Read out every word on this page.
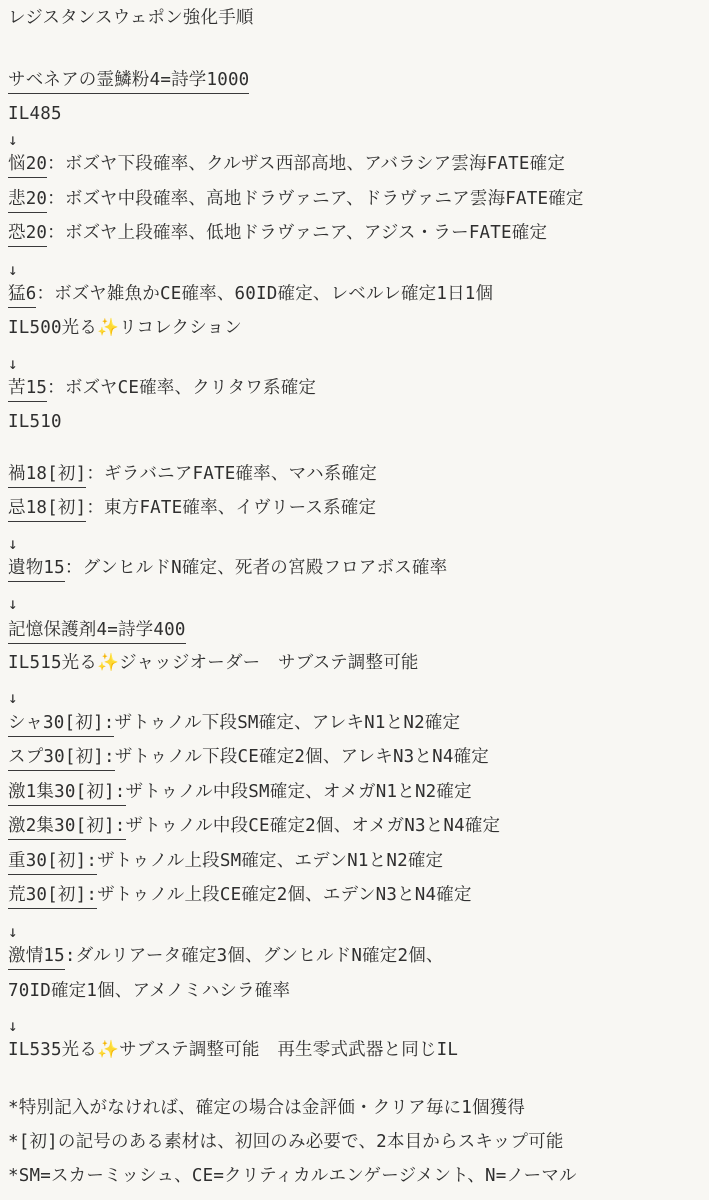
レジスタンスウェポン強化手順
サベネアの霊鱗粉4=詩学1000
IL485
↓
悩20：ボズヤ下段確率、クルザス西部高地、アバラシア雲海FATE確定
悲20：ボズヤ中段確率、高地ドラヴァニア、ドラヴァニア雲海FATE確定
恐20：ボズヤ上段確率、低地ドラヴァニア、アジス・ラーFATE確定
↓
猛6：ボズヤ雑魚かCE確率、60ID確定、レベルレ確定1日1個
IL500光る✨リコレクション
↓
苦15：ボズヤCE確率、クリタワ系確定
IL510
禍18[初]：ギラバニアFATE確率、マハ系確定
忌18[初]：東方FATE確率、イヴリース系確定
↓
遺物15：グンヒルドN確定、死者の宮殿フロアボス確率
↓
記憶保護剤4=詩学400
IL515光る✨ジャッジオーダー　サブステ調整可能
↓
シャ30[初]:ザトゥノル下段SM確定、アレキN1とN2確定
スプ30[初]:ザトゥノル下段CE確定2個、アレキN3とN4確定
激1集30[初]:ザトゥノル中段SM確定、オメガN1とN2確定
激2集30[初]:ザトゥノル中段CE確定2個、オメガN3とN4確定
重30[初]:ザトゥノル上段SM確定、エデンN1とN2確定
荒30[初]:ザトゥノル上段CE確定2個、エデンN3とN4確定
↓
激情15:ダルリアータ確定3個、グンヒルドN確定2個、
70ID確定1個、アメノミハシラ確率
↓
IL535光る✨サブステ調整可能　再生零式武器と同じIL
*特別記入がなければ、確定の場合は金評価・クリア毎に1個獲得
*[初]の記号のある素材は、初回のみ必要で、2本目からスキップ可能
*SM=スカーミッシュ、CE=クリティカルエンゲージメント、N=ノーマル
